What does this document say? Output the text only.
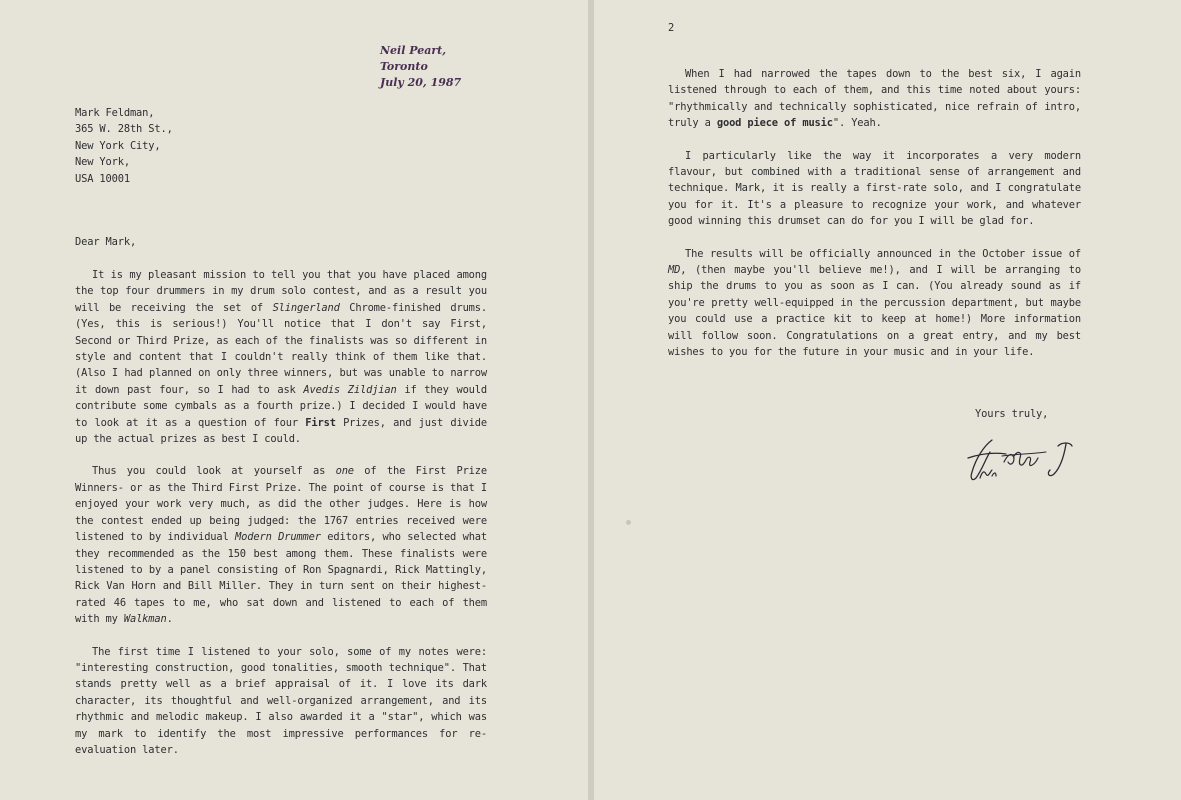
Neil Peart,
Toronto
July 20, 1987
Mark Feldman,
365 W. 28th St.,
New York City,
New York,
USA 10001
Dear Mark,

It is my pleasant mission to tell you that you have placed among the top four drummers in my drum solo contest, and as a result you will be receiving the set of Slingerland Chrome-finished drums. (Yes, this is serious!) You'll notice that I don't say First, Second or Third Prize, as each of the finalists was so different in style and content that I couldn't really think of them like that. (Also I had planned on only three winners, but was unable to narrow it down past four, so I had to ask Avedis Zildjian if they would contribute some cymbals as a fourth prize.) I decided I would have to look at it as a question of four First Prizes, and just divide up the actual prizes as best I could.

Thus you could look at yourself as one of the First Prize Winners- or as the Third First Prize. The point of course is that I enjoyed your work very much, as did the other judges. Here is how the contest ended up being judged: the 1767 entries received were listened to by individual Modern Drummer editors, who selected what they recommended as the 150 best among them. These finalists were listened to by a panel consisting of Ron Spagnardi, Rick Mattingly, Rick Van Horn and Bill Miller. They in turn sent on their highest-rated 46 tapes to me, who sat down and listened to each of them with my Walkman.

The first time I listened to your solo, some of my notes were: "interesting construction, good tonalities, smooth technique". That stands pretty well as a brief appraisal of it. I love its dark character, its thoughtful and well-organized arrangement, and its rhythmic and melodic makeup. I also awarded it a "star", which was my mark to identify the most impressive performances for re-evaluation later.

2

When I had narrowed the tapes down to the best six, I again listened through to each of them, and this time noted about yours: "rhythmically and technically sophisticated, nice refrain of intro, truly a good piece of music". Yeah.

I particularly like the way it incorporates a very modern flavour, but combined with a traditional sense of arrangement and technique. Mark, it is really a first-rate solo, and I congratulate you for it. It's a pleasure to recognize your work, and whatever good winning this drumset can do for you I will be glad for.

The results will be officially announced in the October issue of MD, (then maybe you'll believe me!), and I will be arranging to ship the drums to you as soon as I can. (You already sound as if you're pretty well-equipped in the percussion department, but maybe you could use a practice kit to keep at home!) More information will follow soon. Congratulations on a great entry, and my best wishes to you for the future in your music and in your life.

Yours truly,
